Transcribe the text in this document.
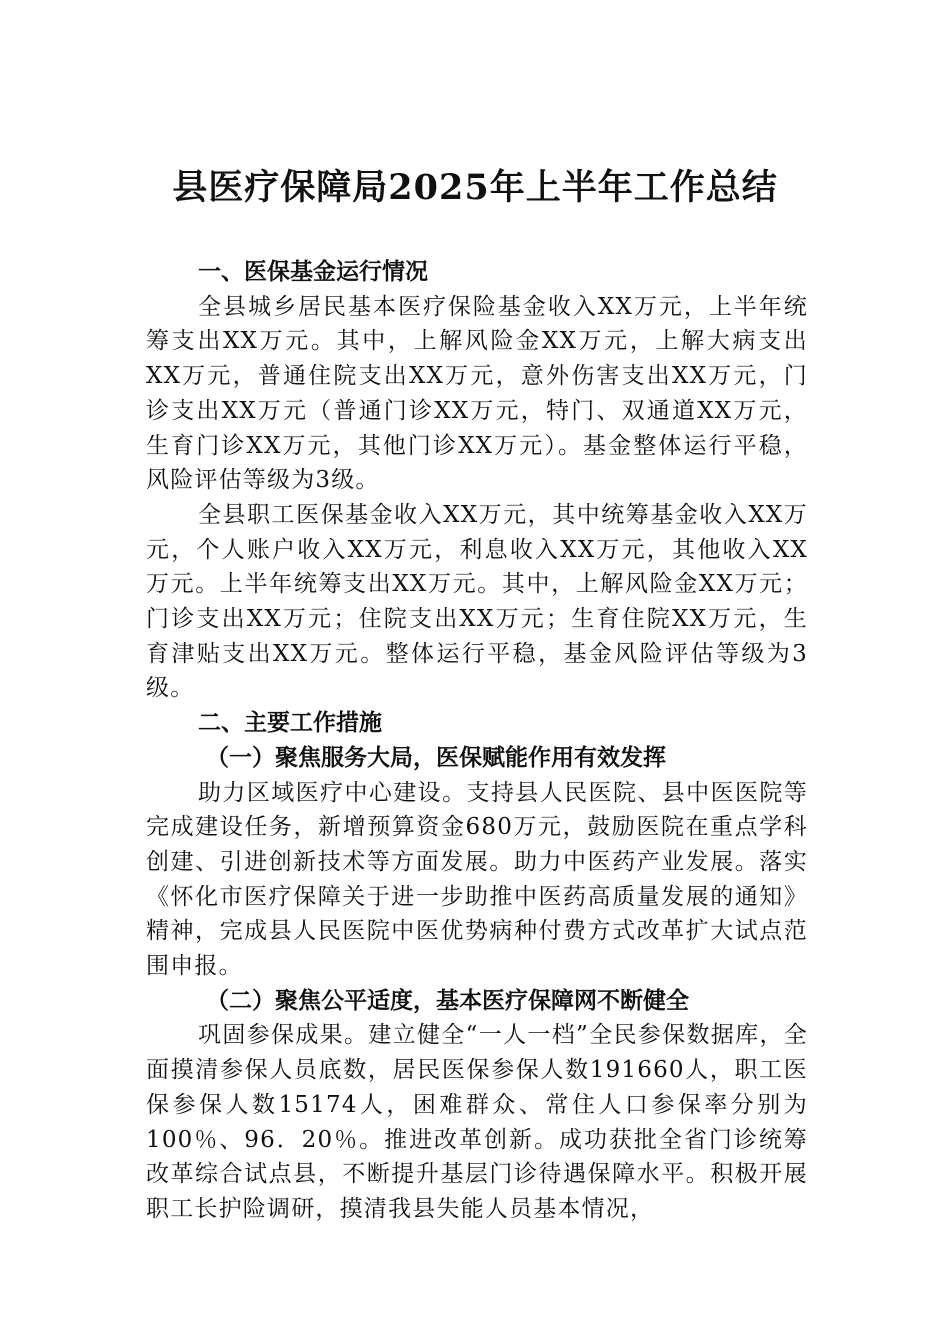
县医疗保障局2025年上半年工作总结

一、医保基金运行情况

全县城乡居民基本医疗保险基金收入XX万元，上半年统筹支出XX万元。其中，上解风险金XX万元，上解大病支出XX万元，普通住院支出XX万元，意外伤害支出XX万元，门诊支出XX万元（普通门诊XX万元，特门、双通道XX万元，生育门诊XX万元，其他门诊XX万元）。基金整体运行平稳，风险评估等级为3级。

全县职工医保基金收入XX万元，其中统筹基金收入XX万元，个人账户收入XX万元，利息收入XX万元，其他收入XX万元。上半年统筹支出XX万元。其中，上解风险金XX万元；门诊支出XX万元；住院支出XX万元；生育住院XX万元，生育津贴支出XX万元。整体运行平稳，基金风险评估等级为3级。

二、主要工作措施

（一）聚焦服务大局，医保赋能作用有效发挥

助力区域医疗中心建设。支持县人民医院、县中医医院等完成建设任务，新增预算资金680万元，鼓励医院在重点学科创建、引进创新技术等方面发展。助力中医药产业发展。落实《怀化市医疗保障关于进一步助推中医药高质量发展的通知》精神，完成县人民医院中医优势病种付费方式改革扩大试点范围申报。

（二）聚焦公平适度，基本医疗保障网不断健全

巩固参保成果。建立健全“一人一档”全民参保数据库，全面摸清参保人员底数，居民医保参保人数191660人，职工医保参保人数15174人，困难群众、常住人口参保率分别为100％、96．20％。推进改革创新。成功获批全省门诊统筹改革综合试点县，不断提升基层门诊待遇保障水平。积极开展职工长护险调研，摸清我县失能人员基本情况，
